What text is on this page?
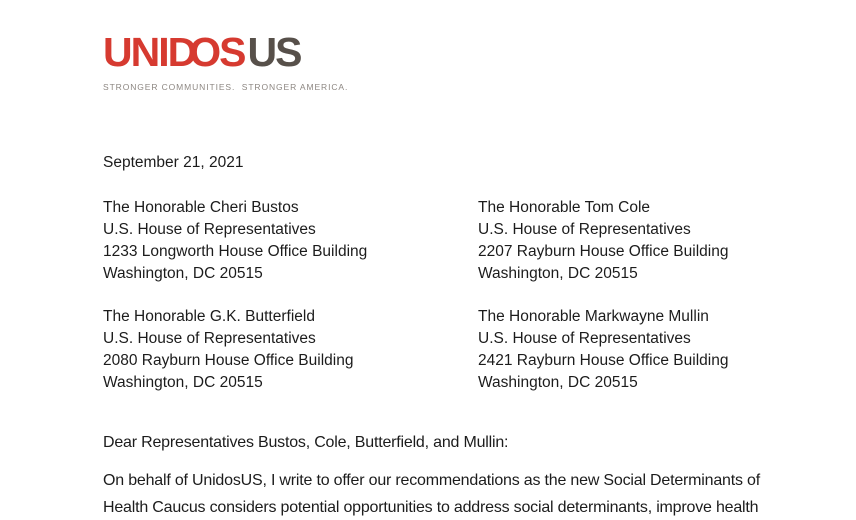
UNIDOSUS
STRONGER COMMUNITIES.  STRONGER AMERICA.
September 21, 2021
The Honorable Cheri Bustos
U.S. House of Representatives
1233 Longworth House Office Building
Washington, DC 20515
The Honorable Tom Cole
U.S. House of Representatives
2207 Rayburn House Office Building
Washington, DC 20515
The Honorable G.K. Butterfield
U.S. House of Representatives
2080 Rayburn House Office Building
Washington, DC 20515
The Honorable Markwayne Mullin
U.S. House of Representatives
2421 Rayburn House Office Building
Washington, DC 20515
Dear Representatives Bustos, Cole, Butterfield, and Mullin:
On behalf of UnidosUS, I write to offer our recommendations as the new Social Determinants of
Health Caucus considers potential opportunities to address social determinants, improve health
